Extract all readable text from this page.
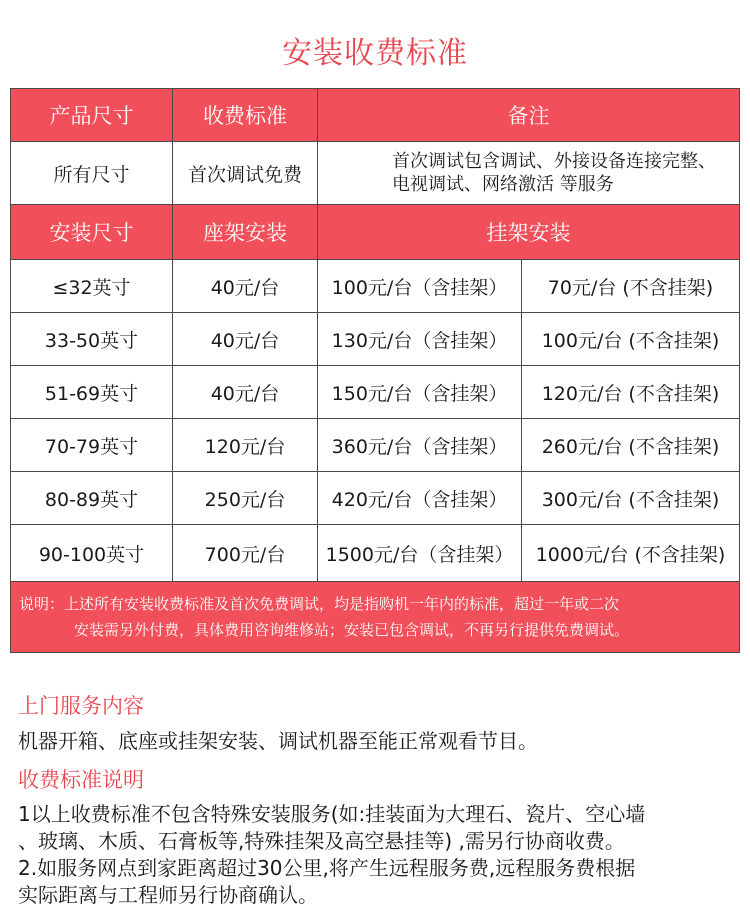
安装收费标准
产品尺寸	收费标准	备注	
所有尺寸	首次调试免费	首次调试包含调试、外接设备连接完整、
电视调试、网络激活 等服务	

安装尺寸	座架安装	挂架安装	
≤32英寸	40元/台	100元/台（含挂架）	70元/台 (不含挂架)
33-50英寸	40元/台	130元/台（含挂架）	100元/台 (不含挂架)
51-69英寸	40元/台	150元/台（含挂架）	120元/台 (不含挂架)
70-79英寸	120元/台	360元/台（含挂架）	260元/台 (不含挂架)
80-89英寸	250元/台	420元/台（含挂架）	300元/台 (不含挂架)
90-100英寸	700元/台	1500元/台（含挂架）	1000元/台 (不含挂架)

说明：上述所有安装收费标准及首次免费调试，均是指购机一年内的标准，超过一年或二次
安装需另外付费，具体费用咨询维修站；安装已包含调试，不再另行提供免费调试。			
上门服务内容
机器开箱、底座或挂架安装、调试机器至能正常观看节目。
收费标准说明
1以上收费标准不包含特殊安装服务(如:挂装面为大理石、瓷片、空心墙
、玻璃、木质、石膏板等,特殊挂架及高空悬挂等) ,需另行协商收费。
2.如服务网点到家距离超过30公里,将产生远程服务费,远程服务费根据
实际距离与工程师另行协商确认。
